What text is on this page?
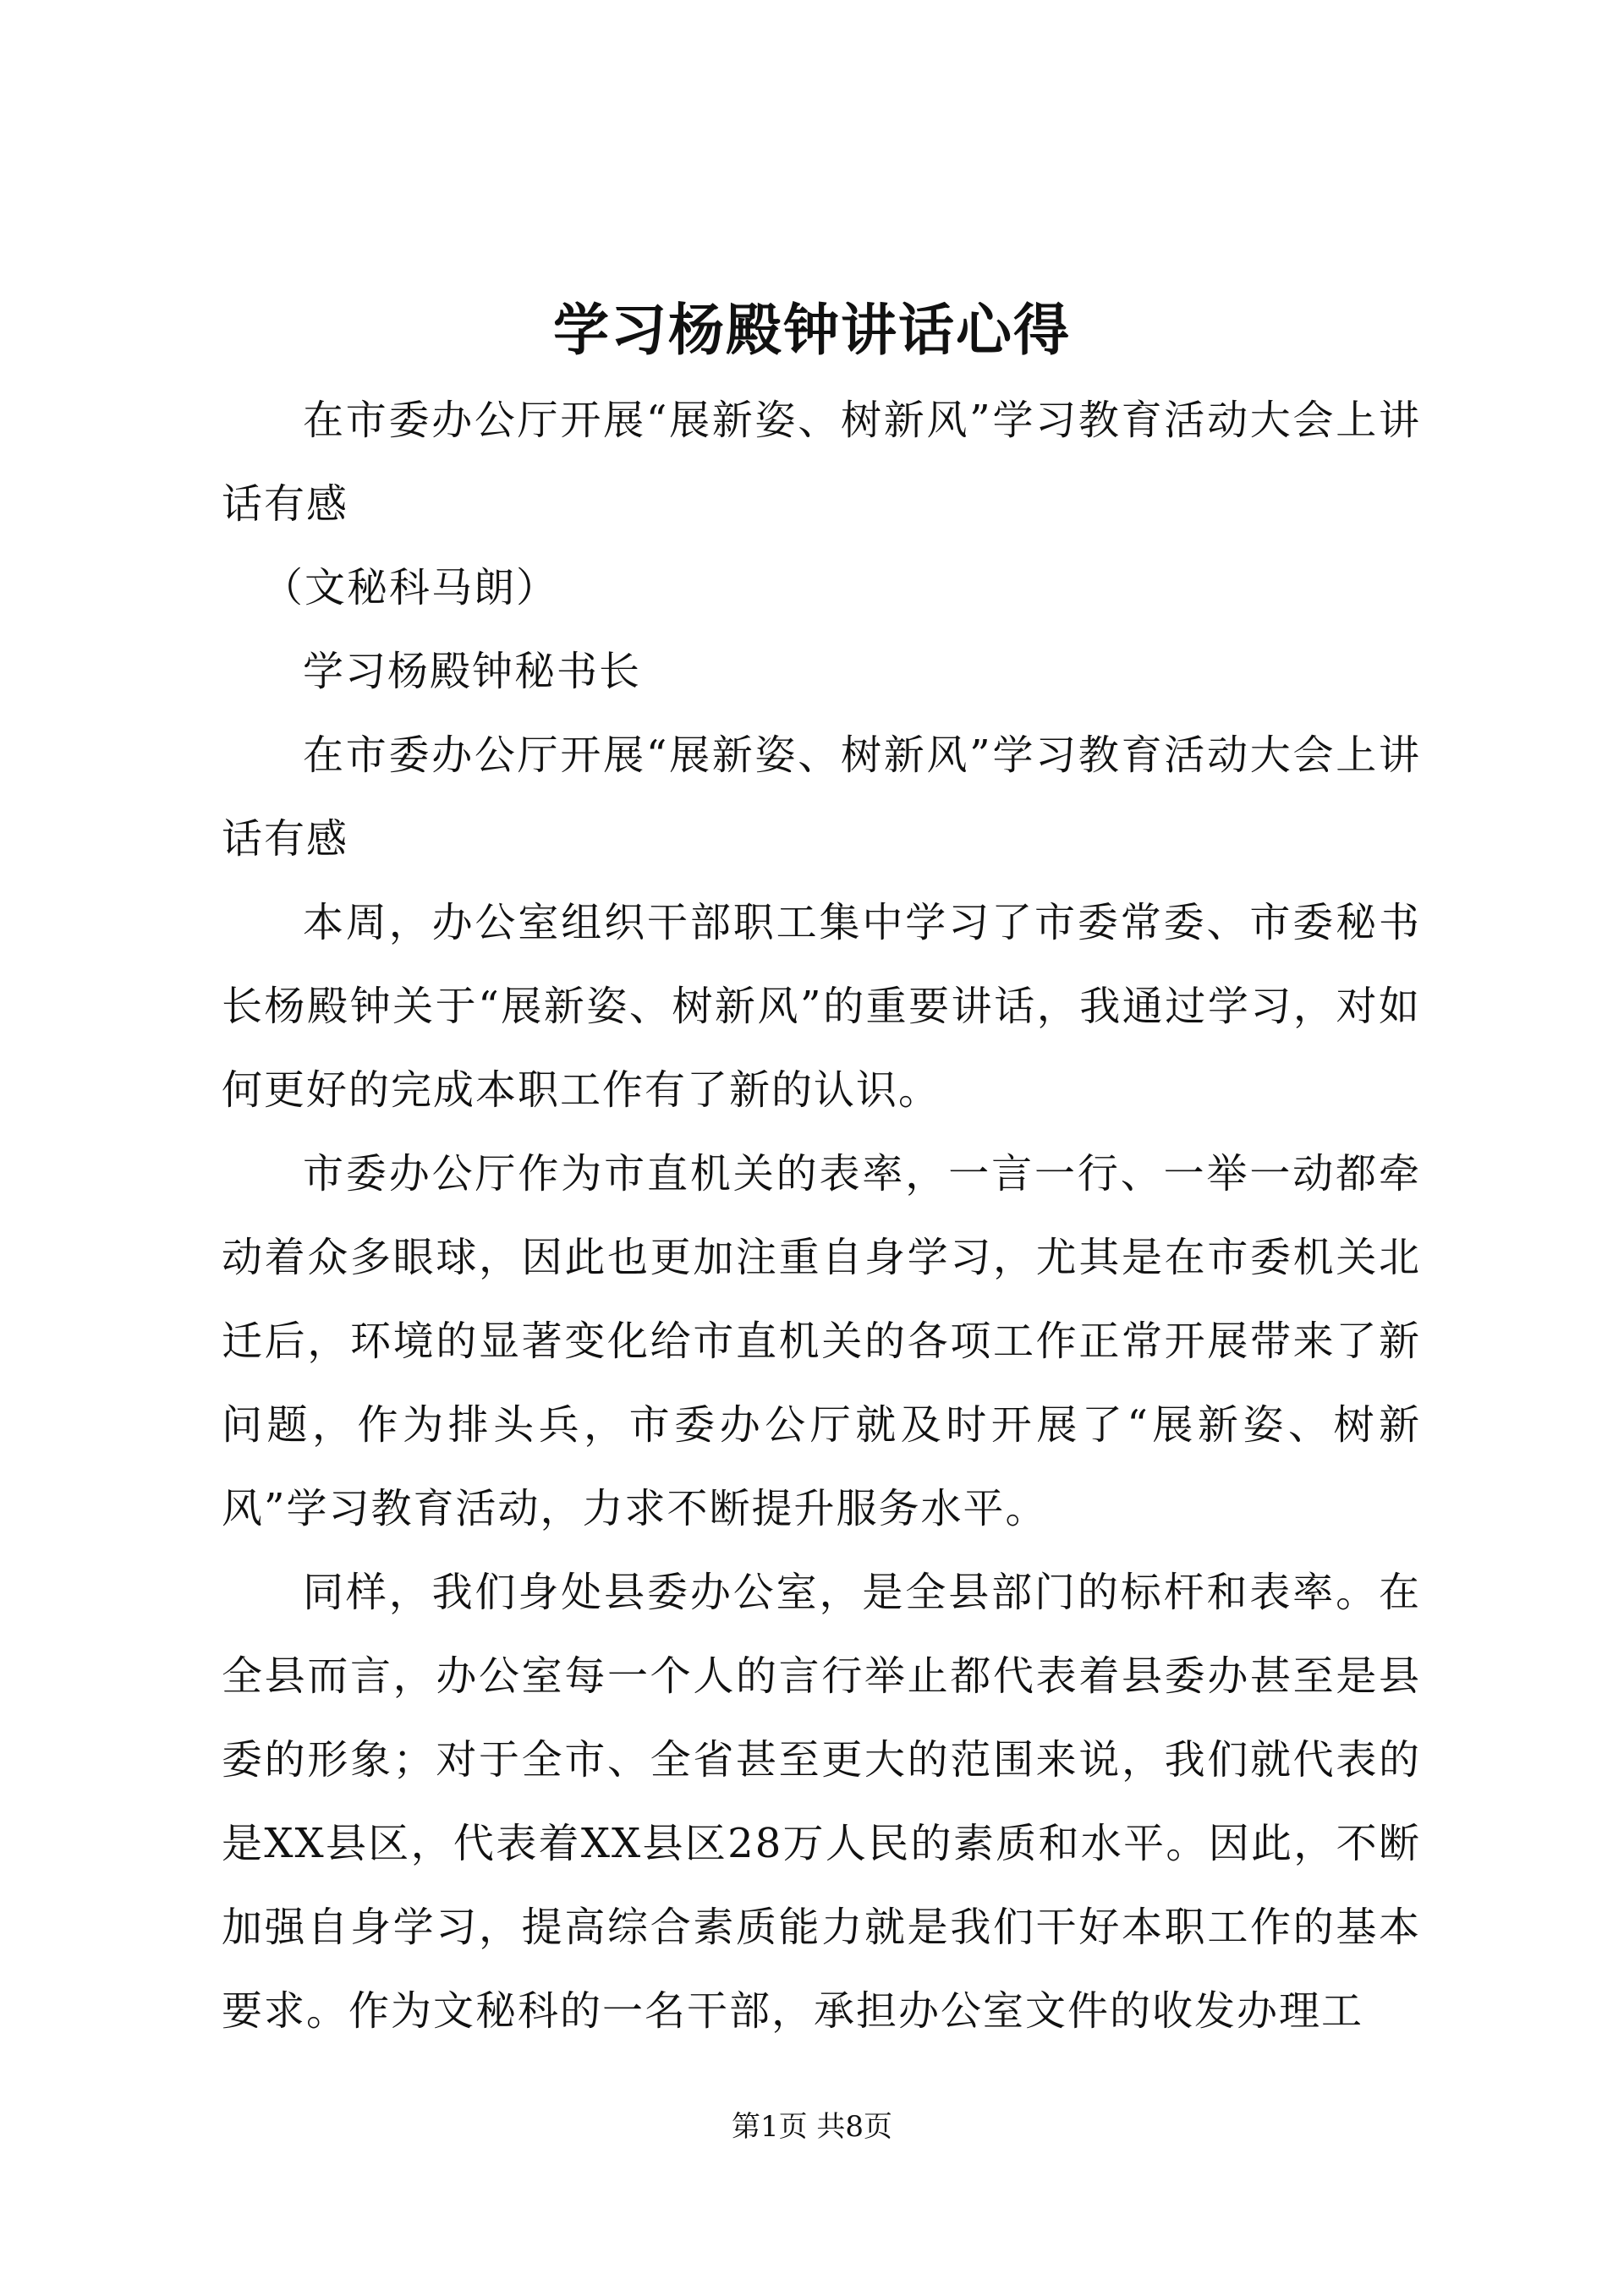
学习杨殿钟讲话心得

在市委办公厅开展“展新姿、树新风”学习教育活动大会上讲话有感

（文秘科马朗）

学习杨殿钟秘书长

在市委办公厅开展“展新姿、树新风”学习教育活动大会上讲话有感

本周，办公室组织干部职工集中学习了市委常委、市委秘书长杨殿钟关于“展新姿、树新风”的重要讲话，我通过学习，对如何更好的完成本职工作有了新的认识。

市委办公厅作为市直机关的表率，一言一行、一举一动都牵动着众多眼球，因此也更加注重自身学习，尤其是在市委机关北迁后，环境的显著变化给市直机关的各项工作正常开展带来了新问题，作为排头兵，市委办公厅就及时开展了“展新姿、树新风”学习教育活动，力求不断提升服务水平。

同样，我们身处县委办公室，是全县部门的标杆和表率。在全县而言，办公室每一个人的言行举止都代表着县委办甚至是县委的形象；对于全市、全省甚至更大的范围来说，我们就代表的是XX县区，代表着XX县区28万人民的素质和水平。因此，不断加强自身学习，提高综合素质能力就是我们干好本职工作的基本要求。作为文秘科的一名干部，承担办公室文件的收发办理工

第1页 共8页
